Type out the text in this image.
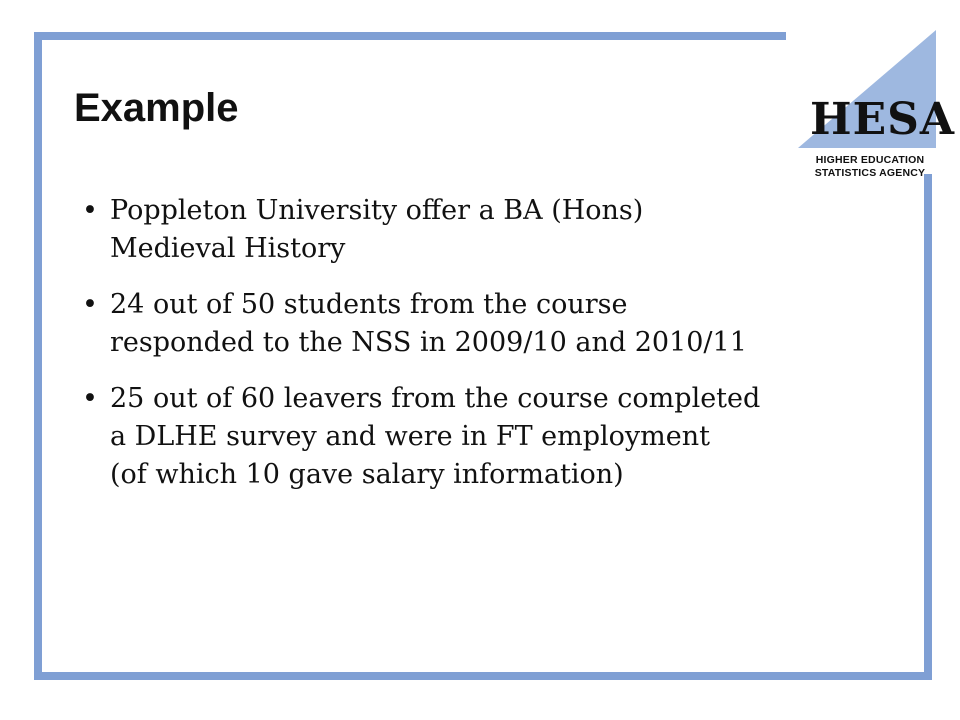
HESA
HIGHER EDUCATION
STATISTICS AGENCY
Example
• Poppleton University offer a BA (Hons)
Medieval History
• 24 out of 50 students from the course
responded to the NSS in 2009/10 and 2010/11
• 25 out of 60 leavers from the course completed
a DLHE survey and were in FT employment
(of which 10 gave salary information)
